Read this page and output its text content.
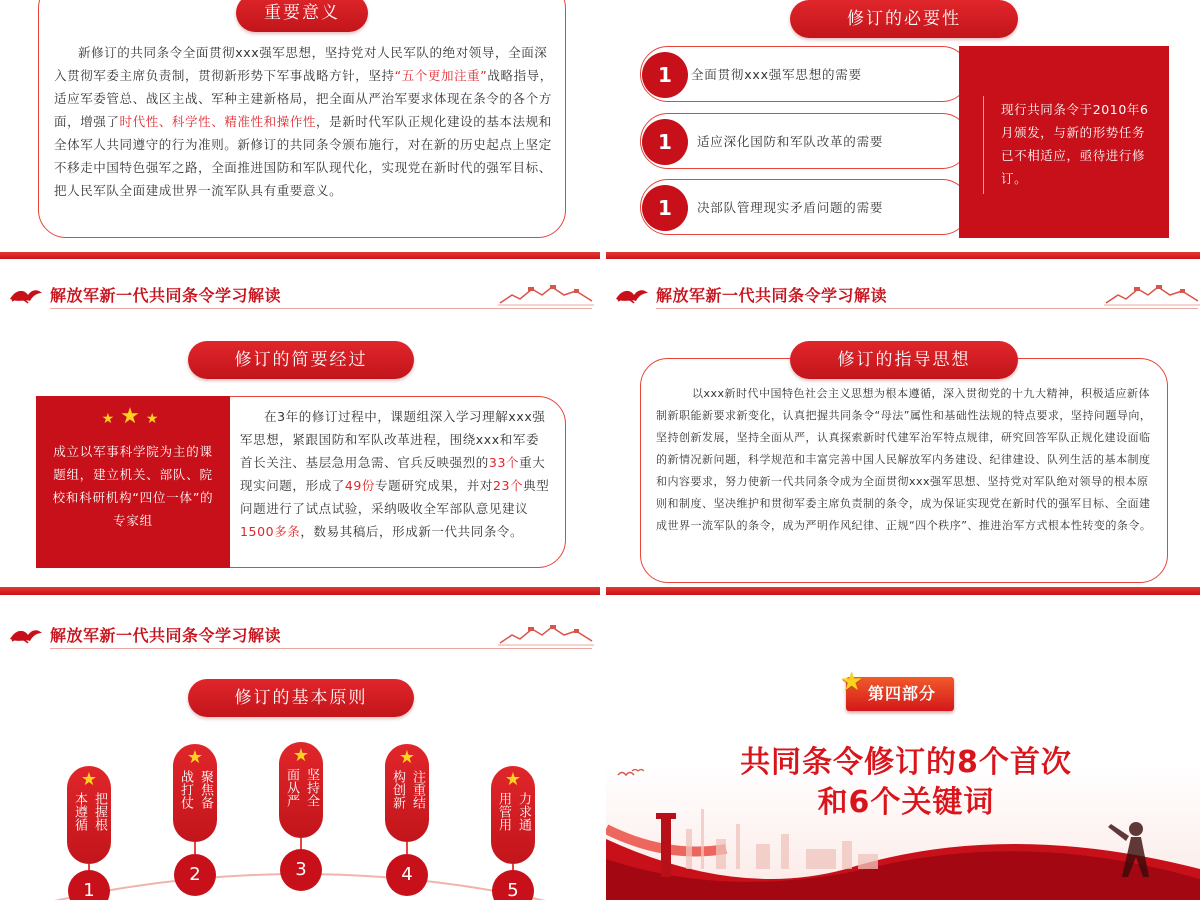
重要意义

新修订的共同条令全面贯彻xxx强军思想，坚持党对人民军队的绝对领导，全面深入贯彻军委主席负责制，贯彻新形势下军事战略方针，坚持“五个更加注重”战略指导，适应军委管总、战区主战、军种主建新格局，把全面从严治军要求体现在条令的各个方面，增强了时代性、科学性、精准性和操作性，是新时代军队正规化建设的基本法规和全体军人共同遵守的行为准则。新修订的共同条令颁布施行，对在新的历史起点上坚定不移走中国特色强军之路，全面推进国防和军队现代化，实现党在新时代的强军目标、把人民军队全面建成世界一流军队具有重要意义。

修订的必要性
1	全面贯彻xxx强军思想的需要
1	适应深化国防和军队改革的需要
1	决部队管理现实矛盾问题的需要

现行共同条令于2010年6月颁发，与新的形势任务已不相适应，亟待进行修订。

解放军新一代共同条令学习解读
修订的简要经过
★★★

成立以军事科学院为主的课题组，建立机关、部队、院校和科研机构“四位一体”的专家组

在3年的修订过程中，课题组深入学习理解xxx强军思想，紧跟国防和军队改革进程，围绕xxx和军委首长关注、基层急用急需、官兵反映强烈的33个重大现实问题，形成了49份专题研究成果，并对23个典型问题进行了试点试验，采纳吸收全军部队意见建议1500多条，数易其稿后，形成新一代共同条令。

解放军新一代共同条令学习解读
修订的指导思想

以xxx新时代中国特色社会主义思想为根本遵循，深入贯彻党的十九大精神，积极适应新体制新职能新要求新变化，认真把握共同条令“母法”属性和基础性法规的特点要求，坚持问题导向，坚持创新发展，坚持全面从严，认真探索新时代建军治军特点规律，研究回答军队正规化建设面临的新情况新问题，科学规范和丰富完善中国人民解放军内务建设、纪律建设、队列生活的基本制度和内容要求，努力使新一代共同条令成为全面贯彻xxx强军思想、坚持党对军队绝对领导的根本原则和制度、坚决维护和贯彻军委主席负责制的条令，成为保证实现党在新时代的强军目标、全面建成世界一流军队的条令，成为严明作风纪律、正规“四个秩序”、推进治军方式根本性转变的条令。

解放军新一代共同条令学习解读
修订的基本原则
★
本遵循 把握根
1
★
战打仗 聚焦备
2
★
面从严 坚持全
3
★
构创新 注重结
4
★
用管用 力求通
5
★ 第四部分
共同条令修订的8个首次
和6个关键词
